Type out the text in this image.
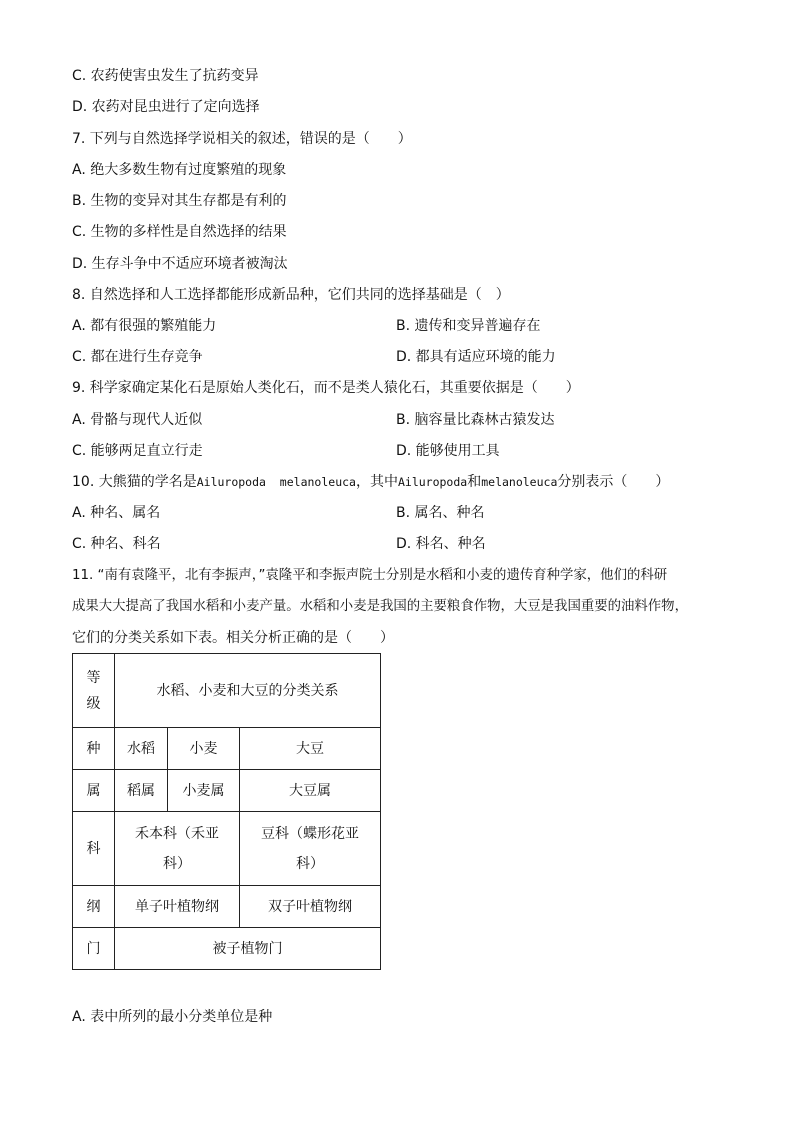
C. 农药使害虫发生了抗药变异
D. 农药对昆虫进行了定向选择
7. 下列与自然选择学说相关的叙述，错误的是（　　）
A. 绝大多数生物有过度繁殖的现象
B. 生物的变异对其生存都是有利的
C. 生物的多样性是自然选择的结果
D. 生存斗争中不适应环境者被淘汰
8. 自然选择和人工选择都能形成新品种，它们共同的选择基础是（　）
A. 都有很强的繁殖能力	B. 遗传和变异普遍存在
C. 都在进行生存竞争	D. 都具有适应环境的能力
9. 科学家确定某化石是原始人类化石，而不是类人猿化石，其重要依据是（　　）
A. 骨骼与现代人近似	B. 脑容量比森林古猿发达
C. 能够两足直立行走	D. 能够使用工具
10. 大熊猫的学名是Ailuropoda  melanoleuca，其中Ailuropoda和melanoleuca分别表示（　　）
A. 种名、属名	B. 属名、种名
C. 种名、科名	D. 科名、种名
11. “南有袁隆平，北有李振声，”袁隆平和李振声院士分别是水稻和小麦的遗传育种学家，他们的科研
成果大大提高了我国水稻和小麦产量。水稻和小麦是我国的主要粮食作物，大豆是我国重要的油料作物，
它们的分类关系如下表。相关分析正确的是（　　）
等级	水稻、小麦和大豆的分类关系		
种	水稻	小麦	大豆
属	稻属	小麦属	大豆属
科	禾本科（禾亚科）		豆科（蝶形花亚科）

纲	单子叶植物纲		双子叶植物纲
门	被子植物门		
A. 表中所列的最小分类单位是种
